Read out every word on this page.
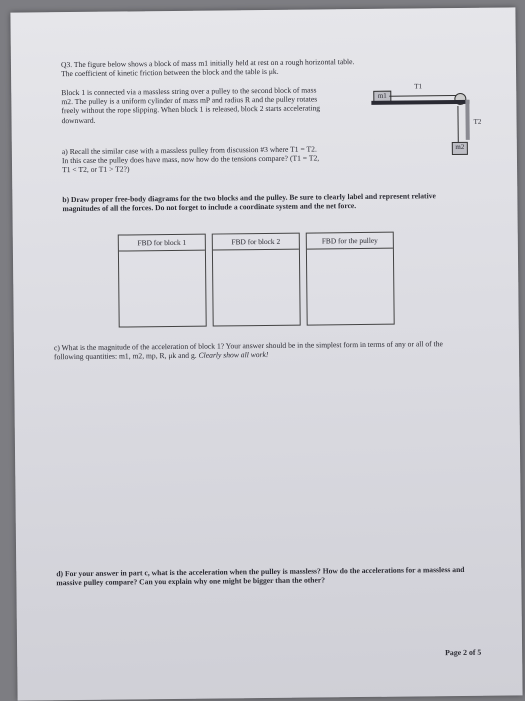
Q3. The figure below shows a block of mass m1 initially held at rest on a rough horizontal table. The coefficient of kinetic friction between the block and the table is μk.

Block 1 is connected via a massless string over a pulley to the second block of mass m2. The pulley is a uniform cylinder of mass mP and radius R and the pulley rotates freely without the rope slipping. When block 1 is released, block 2 starts accelerating downward.

T1
m1
T2
m2

a) Recall the similar case with a massless pulley from discussion #3 where T1 = T2. In this case the pulley does have mass, now how do the tensions compare? (T1 = T2, T1 < T2, or T1 > T2?)

b) Draw proper free-body diagrams for the two blocks and the pulley. Be sure to clearly label and represent relative magnitudes of all the forces. Do not forget to include a coordinate system and the net force.

FBD for block 1	FBD for block 2	FBD for the pulley

c) What is the magnitude of the acceleration of block 1? Your answer should be in the simplest form in terms of any or all of the following quantities: m1, m2, mp, R, μk and g. Clearly show all work!

d) For your answer in part c, what is the acceleration when the pulley is massless? How do the accelerations for a massless and massive pulley compare? Can you explain why one might be bigger than the other?

Page 2 of 5
